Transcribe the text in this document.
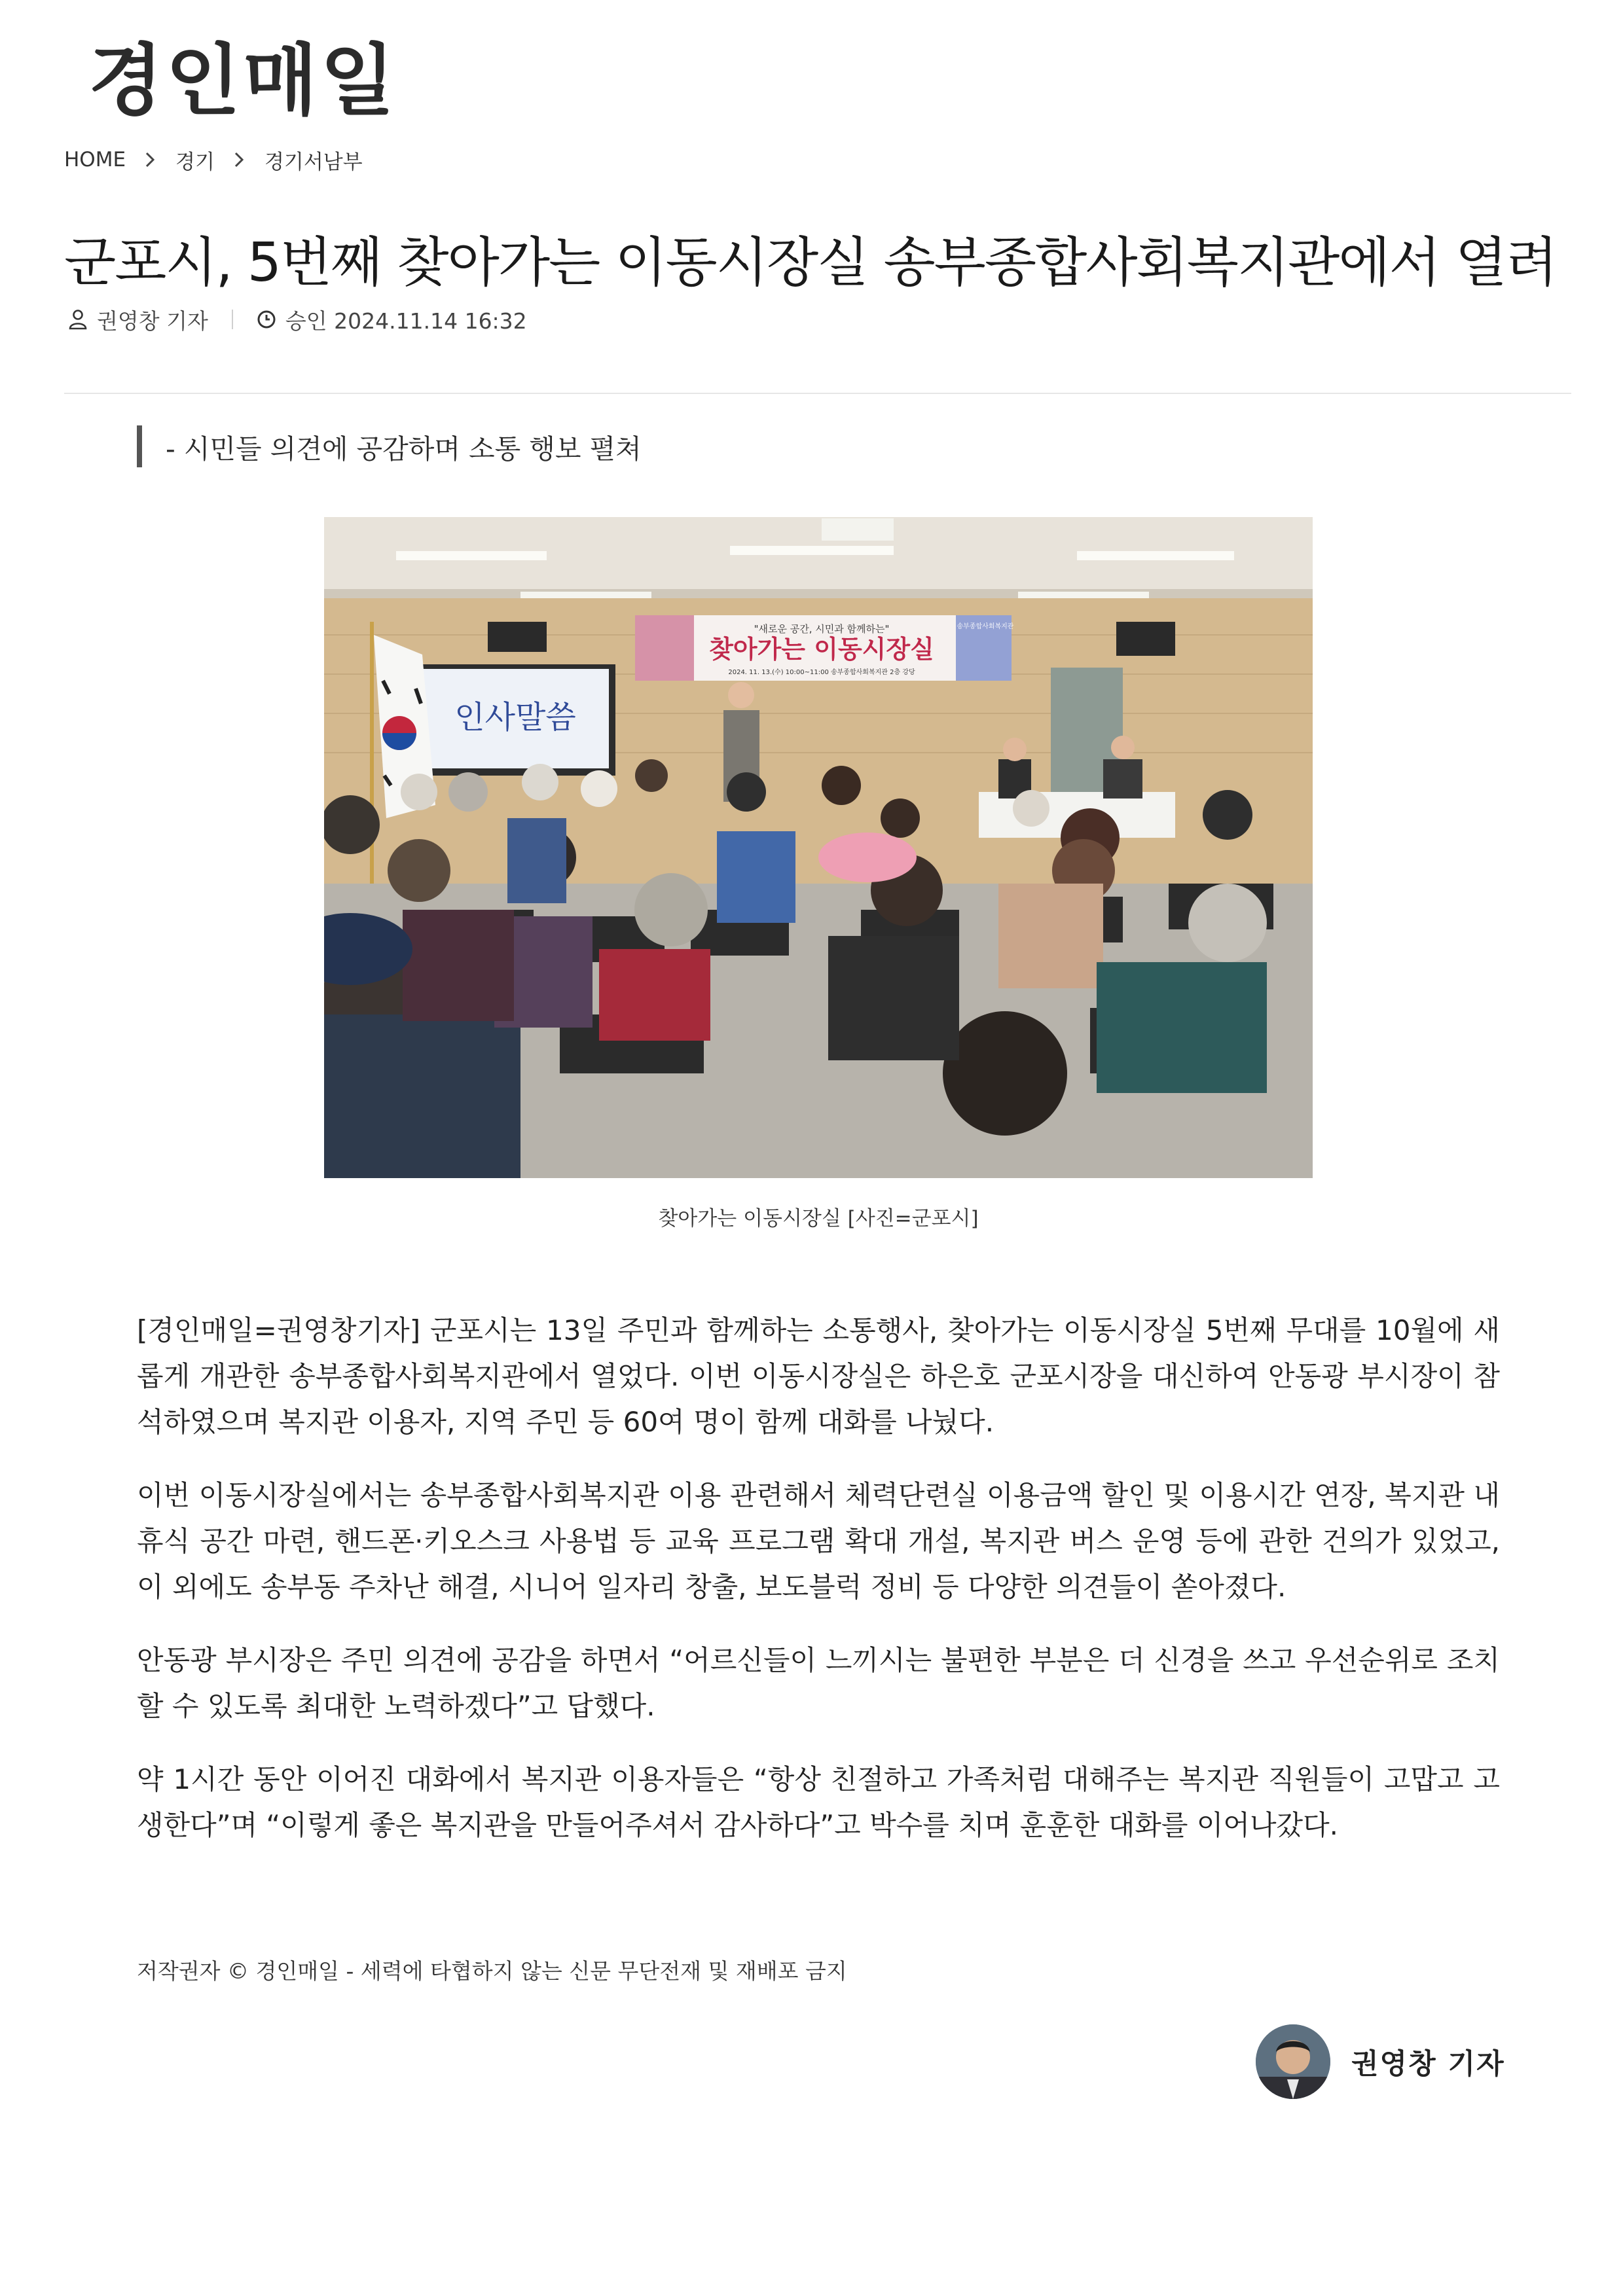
경인매일
HOME 경기 경기서남부
군포시, 5번째 찾아가는 이동시장실 송부종합사회복지관에서 열려
권영창 기자	승인 2024.11.14 16:32
- 시민들 의견에 공감하며 소통 행보 펼쳐
"새로운 공간, 시민과 함께하는"
찾아가는 이동시장실
2024. 11. 13.(수) 10:00~11:00 송부종합사회복지관 2층 강당
송부종합사회복지관
인사말씀
찾아가는 이동시장실 [사진=군포시]

[경인매일=권영창기자] 군포시는 13일 주민과 함께하는 소통행사, 찾아가는 이동시장실 5번째 무대를 10월에 새롭게 개관한 송부종합사회복지관에서 열었다. 이번 이동시장실은 하은호 군포시장을 대신하여 안동광 부시장이 참석하였으며 복지관 이용자, 지역 주민 등 60여 명이 함께 대화를 나눴다.

이번 이동시장실에서는 송부종합사회복지관 이용 관련해서 체력단련실 이용금액 할인 및 이용시간 연장, 복지관 내 휴식 공간 마련, 핸드폰·키오스크 사용법 등 교육 프로그램 확대 개설, 복지관 버스 운영 등에 관한 건의가 있었고, 이 외에도 송부동 주차난 해결, 시니어 일자리 창출, 보도블럭 정비 등 다양한 의견들이 쏟아졌다.

안동광 부시장은 주민 의견에 공감을 하면서 “어르신들이 느끼시는 불편한 부분은 더 신경을 쓰고 우선순위로 조치할 수 있도록 최대한 노력하겠다”고 답했다.

약 1시간 동안 이어진 대화에서 복지관 이용자들은 “항상 친절하고 가족처럼 대해주는 복지관 직원들이 고맙고 고생한다”며 “이렇게 좋은 복지관을 만들어주셔서 감사하다”고 박수를 치며 훈훈한 대화를 이어나갔다.

저작권자 © 경인매일 - 세력에 타협하지 않는 신문 무단전재 및 재배포 금지
권영창 기자
